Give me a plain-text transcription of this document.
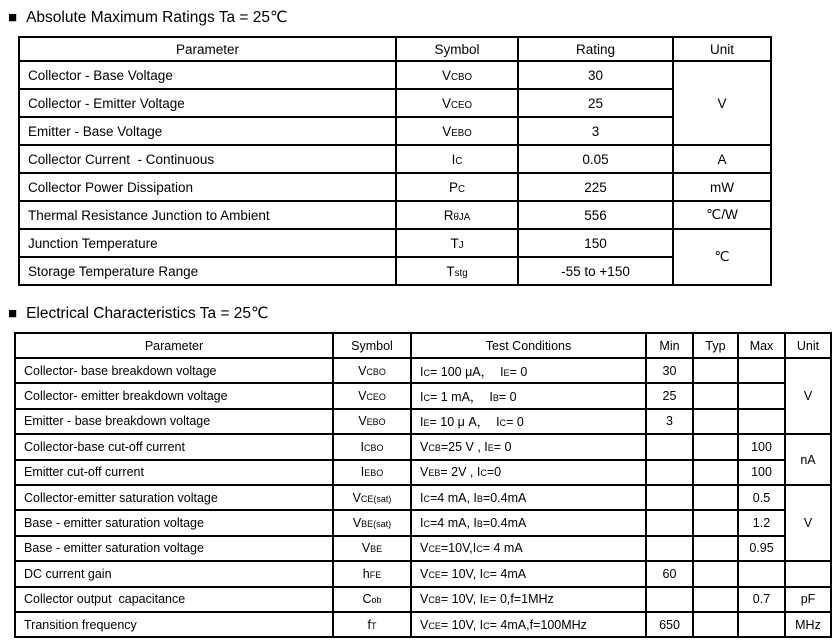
■ Absolute Maximum Ratings Ta = 25℃
Parameter	Symbol	Rating	Unit
Collector - Base Voltage	VCBO	30	V
Collector - Emitter Voltage	VCEO	25	
Emitter - Base Voltage	VEBO	3	
Collector Current  - Continuous	IC	0.05	A
Collector Power Dissipation	PC	225	mW
Thermal Resistance Junction to Ambient	RθJA	556	℃/W
Junction Temperature	TJ	150	℃
Storage Temperature Range	Tstg	-55 to +150	
■ Electrical Characteristics Ta = 25℃
Parameter	Symbol	Test Conditions	Min	Typ	Max	Unit
Collector- base breakdown voltage	VCBO	IC= 100 μA，  IE= 0	30			V
Collector- emitter breakdown voltage	VCEO	IC= 1 mA，  IB= 0	25			
Emitter - base breakdown voltage	VEBO	IE= 10 μ A，  IC= 0	3			
Collector-base cut-off current	ICBO	VCB=25 V , IE= 0			100	nA
Emitter cut-off current	IEBO	VEB= 2V , IC=0			100	
Collector-emitter saturation voltage	VCE(sat)	IC=4 mA, IB=0.4mA			0.5	V
Base - emitter saturation voltage	VBE(sat)	IC=4 mA, IB=0.4mA			1.2	
Base - emitter saturation voltage	VBE	VCE=10V,IC= 4 mA			0.95	
DC current gain	hFE	VCE= 10V, IC= 4mA	60			
Collector output  capacitance	Cob	VCB= 10V, IE= 0,f=1MHz			0.7	pF
Transition frequency	fT	VCE= 10V, IC= 4mA,f=100MHz	650			MHz
